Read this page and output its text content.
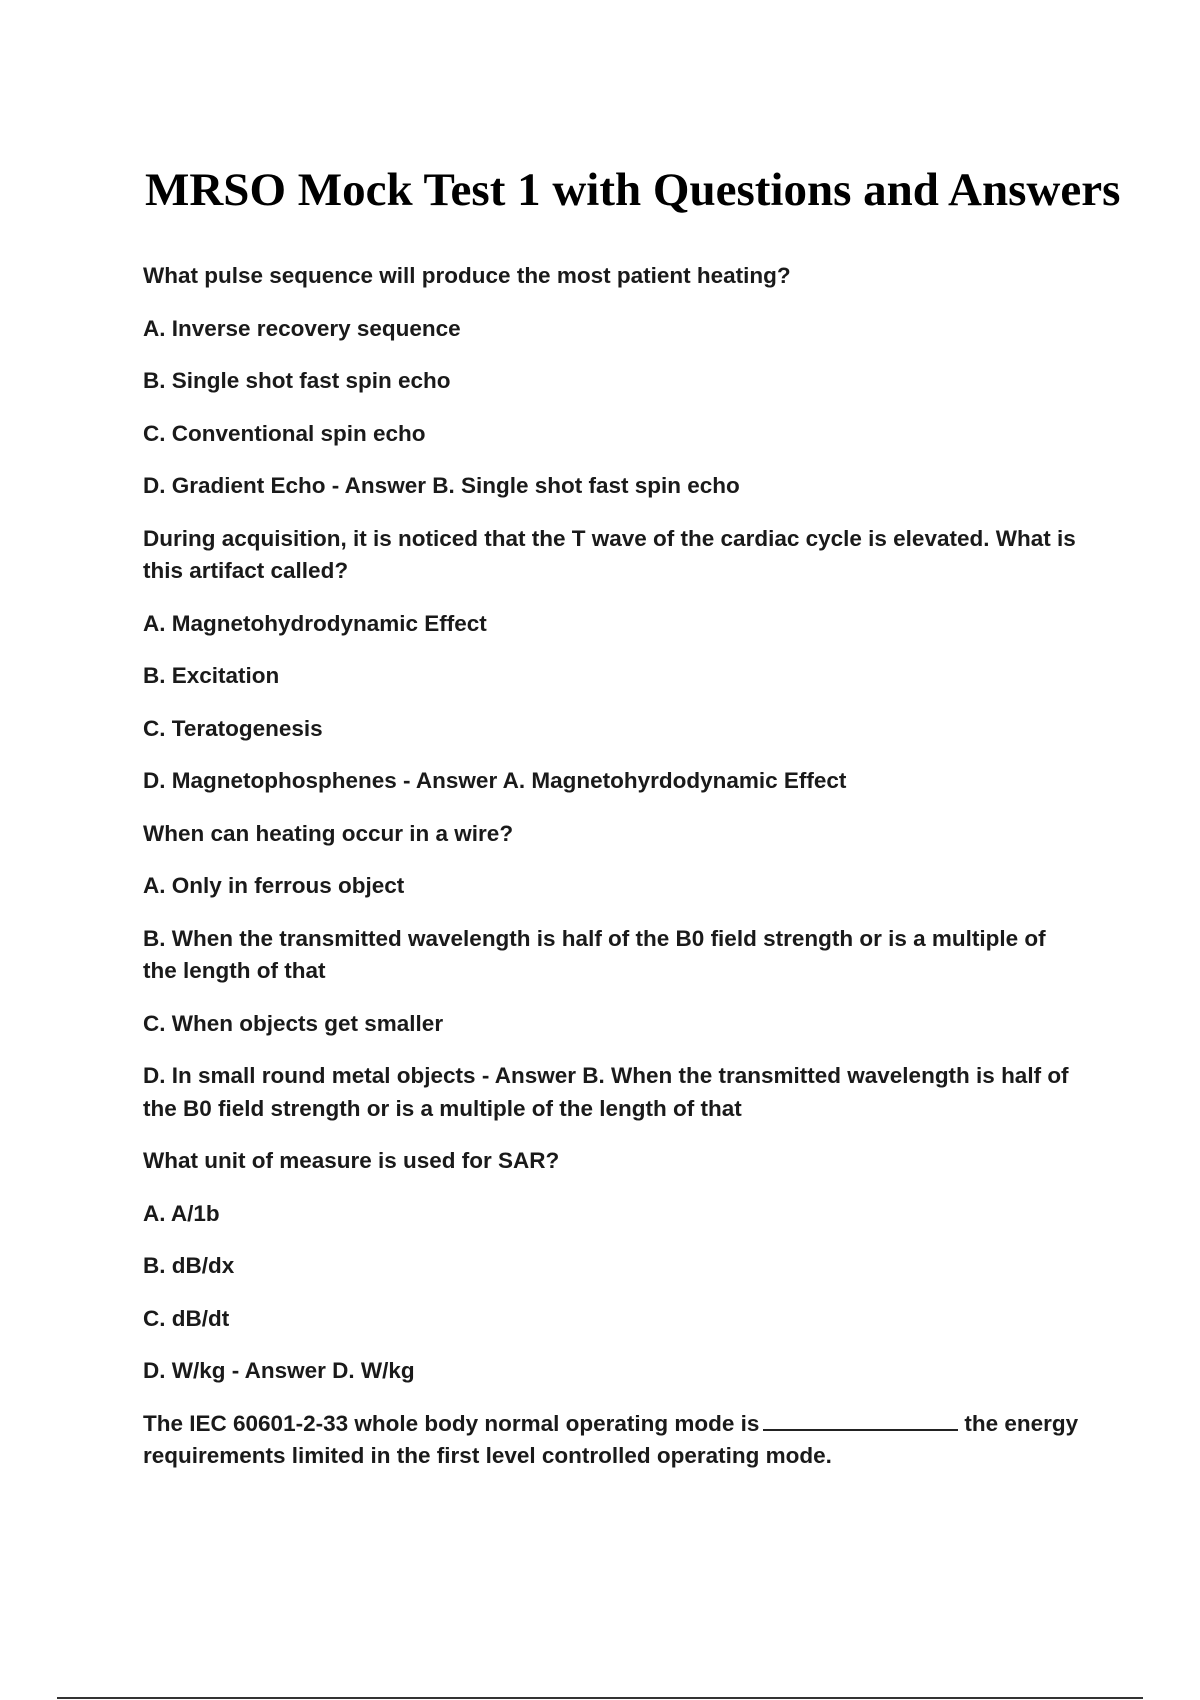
MRSO Mock Test 1 with Questions and Answers

What pulse sequence will produce the most patient heating?

A. Inverse recovery sequence

B. Single shot fast spin echo

C. Conventional spin echo

D. Gradient Echo - Answer B. Single shot fast spin echo

During acquisition, it is noticed that the T wave of the cardiac cycle is elevated. What is this artifact called?

A. Magnetohydrodynamic Effect

B. Excitation

C. Teratogenesis

D. Magnetophosphenes - Answer A. Magnetohyrdodynamic Effect

When can heating occur in a wire?

A. Only in ferrous object

B. When the transmitted wavelength is half of the B0 field strength or is a multiple of the length of that

C. When objects get smaller

D. In small round metal objects - Answer B. When the transmitted wavelength is half of the B0 field strength or is a multiple of the length of that

What unit of measure is used for SAR?

A. A/1b

B. dB/dx

C. dB/dt

D. W/kg - Answer D. W/kg

The IEC 60601-2-33 whole body normal operating mode is	the energy requirements limited in the first level controlled operating mode.
